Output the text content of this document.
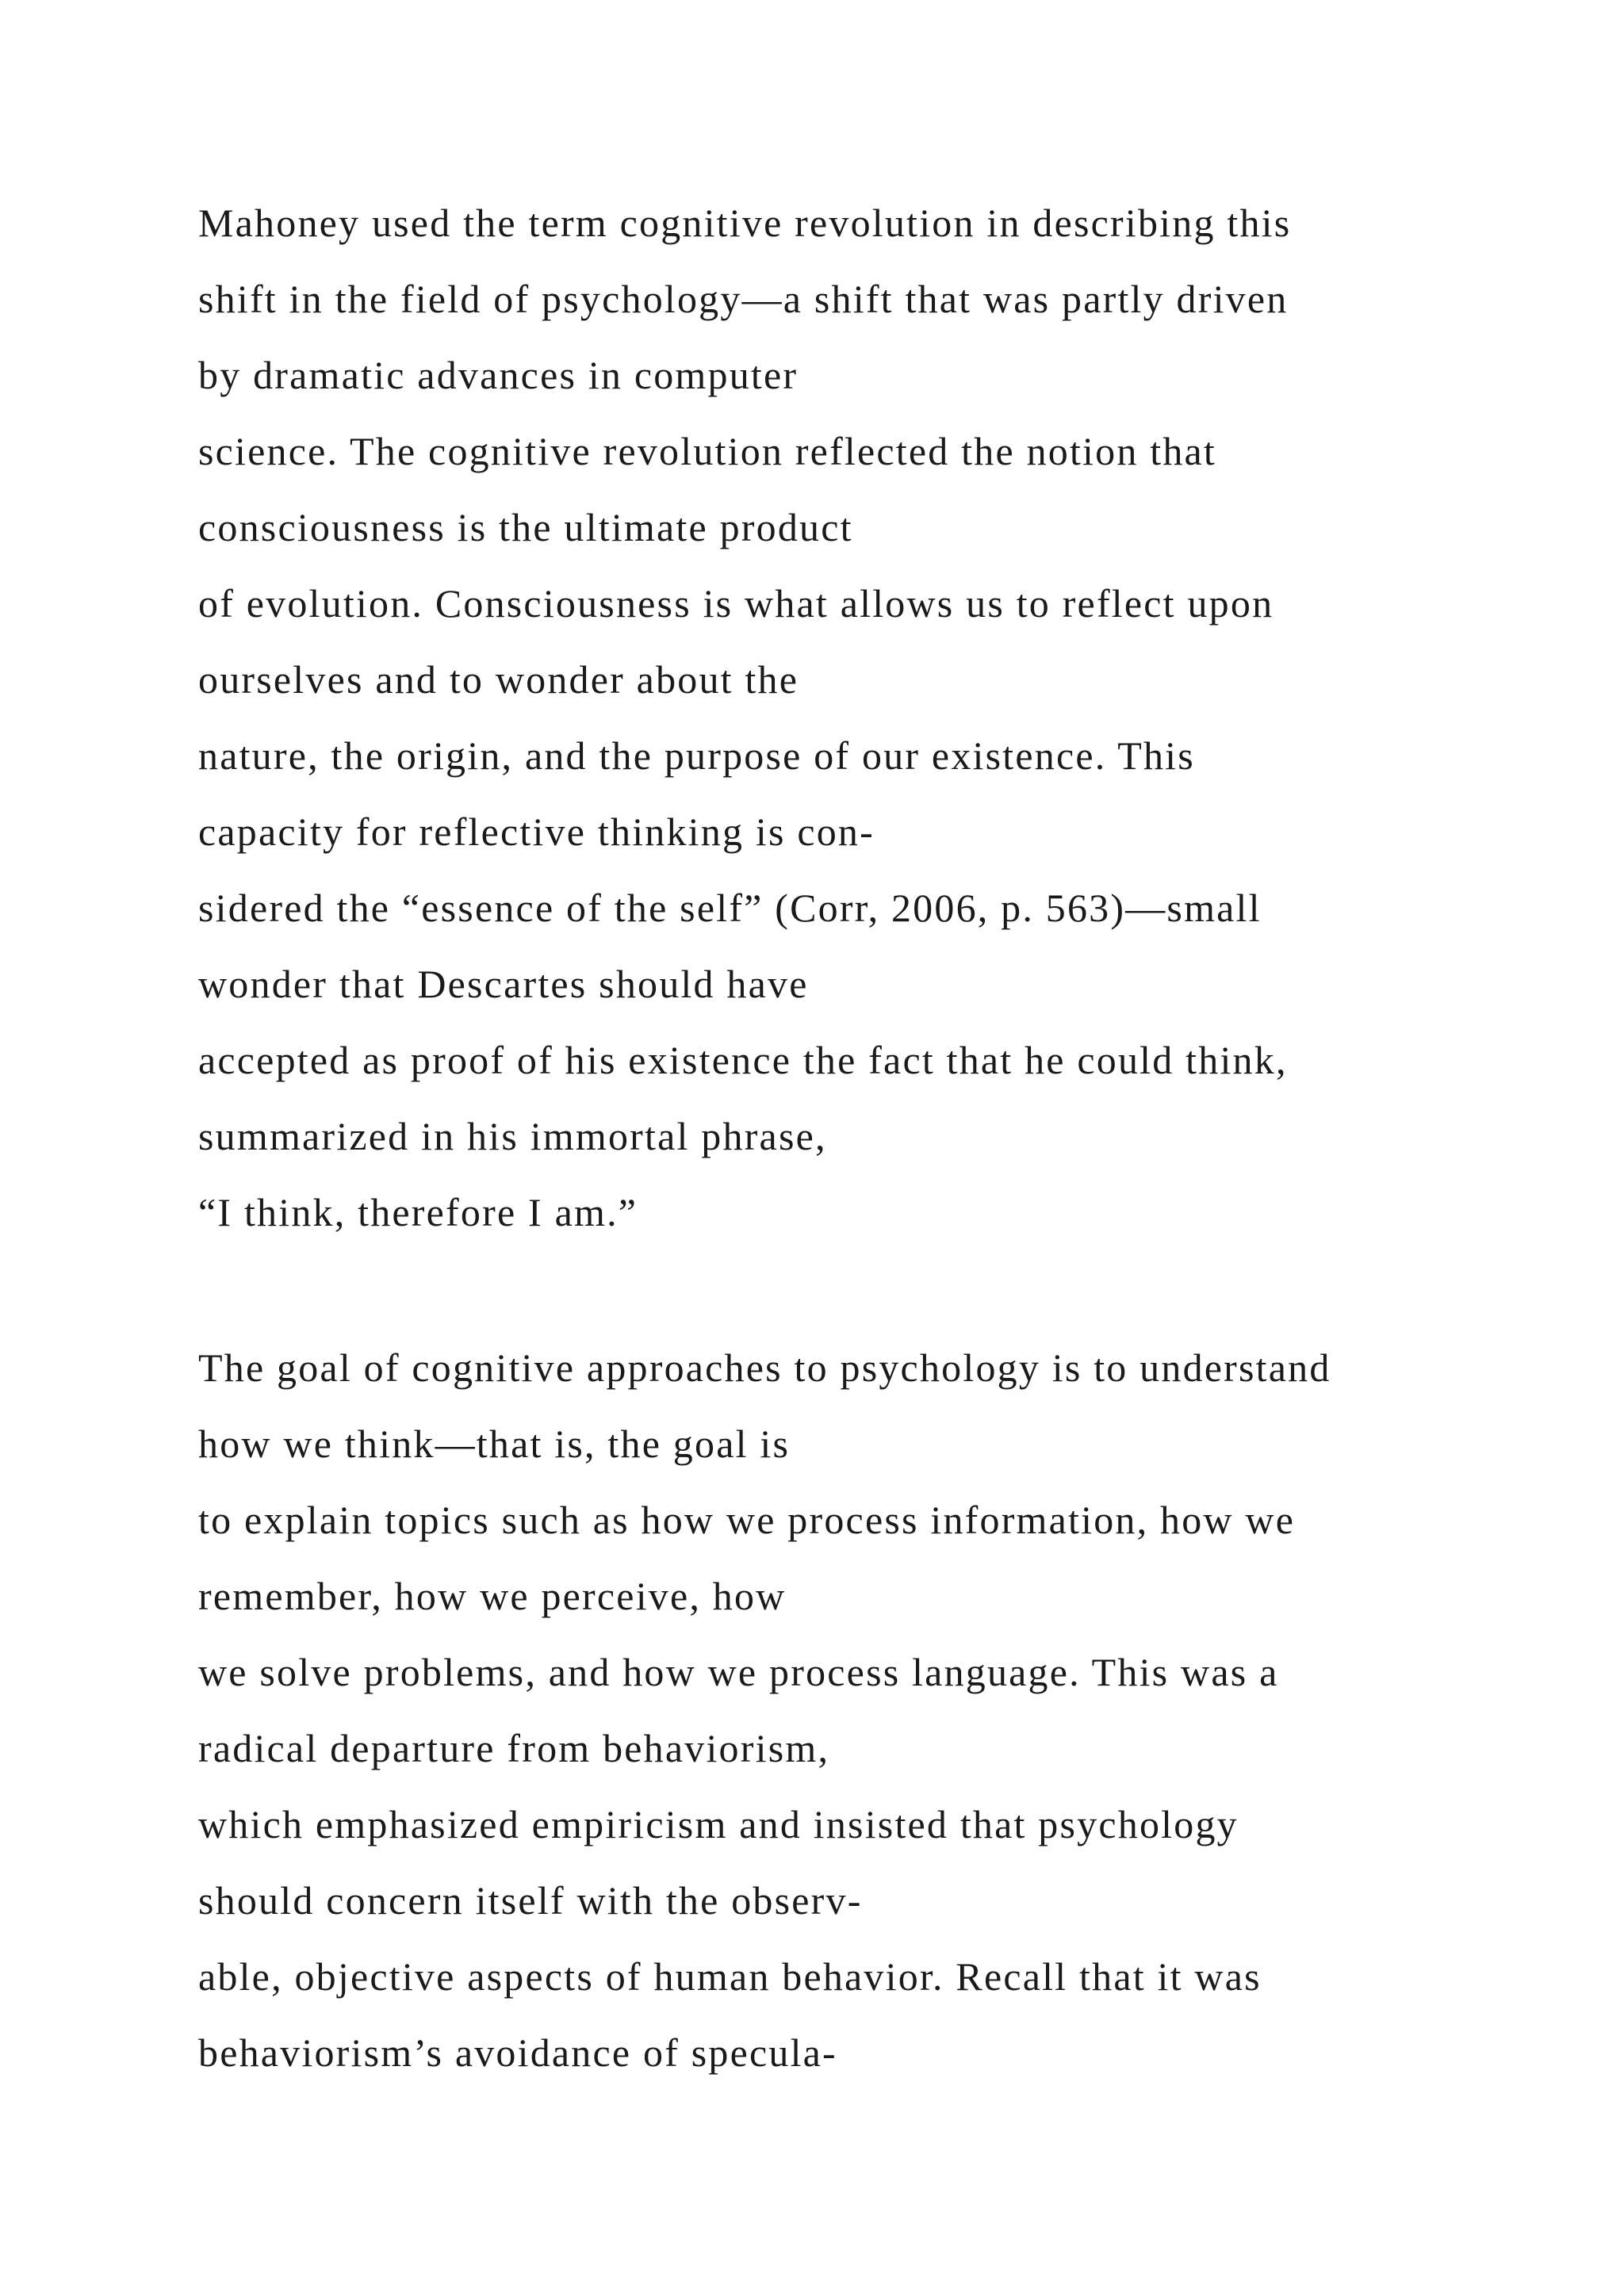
Mahoney used the term cognitive revolution in describing this
shift in the field of psychology—a shift that was partly driven
by dramatic advances in computer
science. The cognitive revolution reflected the notion that
consciousness is the ultimate product
of evolution. Consciousness is what allows us to reflect upon
ourselves and to wonder about the
nature, the origin, and the purpose of our existence. This
capacity for reflective thinking is con-
sidered the “essence of the self” (Corr, 2006, p. 563)—small
wonder that Descartes should have
accepted as proof of his existence the fact that he could think,
summarized in his immortal phrase,
“I think, therefore I am.”
The goal of cognitive approaches to psychology is to understand
how we think—that is, the goal is
to explain topics such as how we process information, how we
remember, how we perceive, how
we solve problems, and how we process language. This was a
radical departure from behaviorism,
which emphasized empiricism and insisted that psychology
should concern itself with the observ-
able, objective aspects of human behavior. Recall that it was
behaviorism’s avoidance of specula-
